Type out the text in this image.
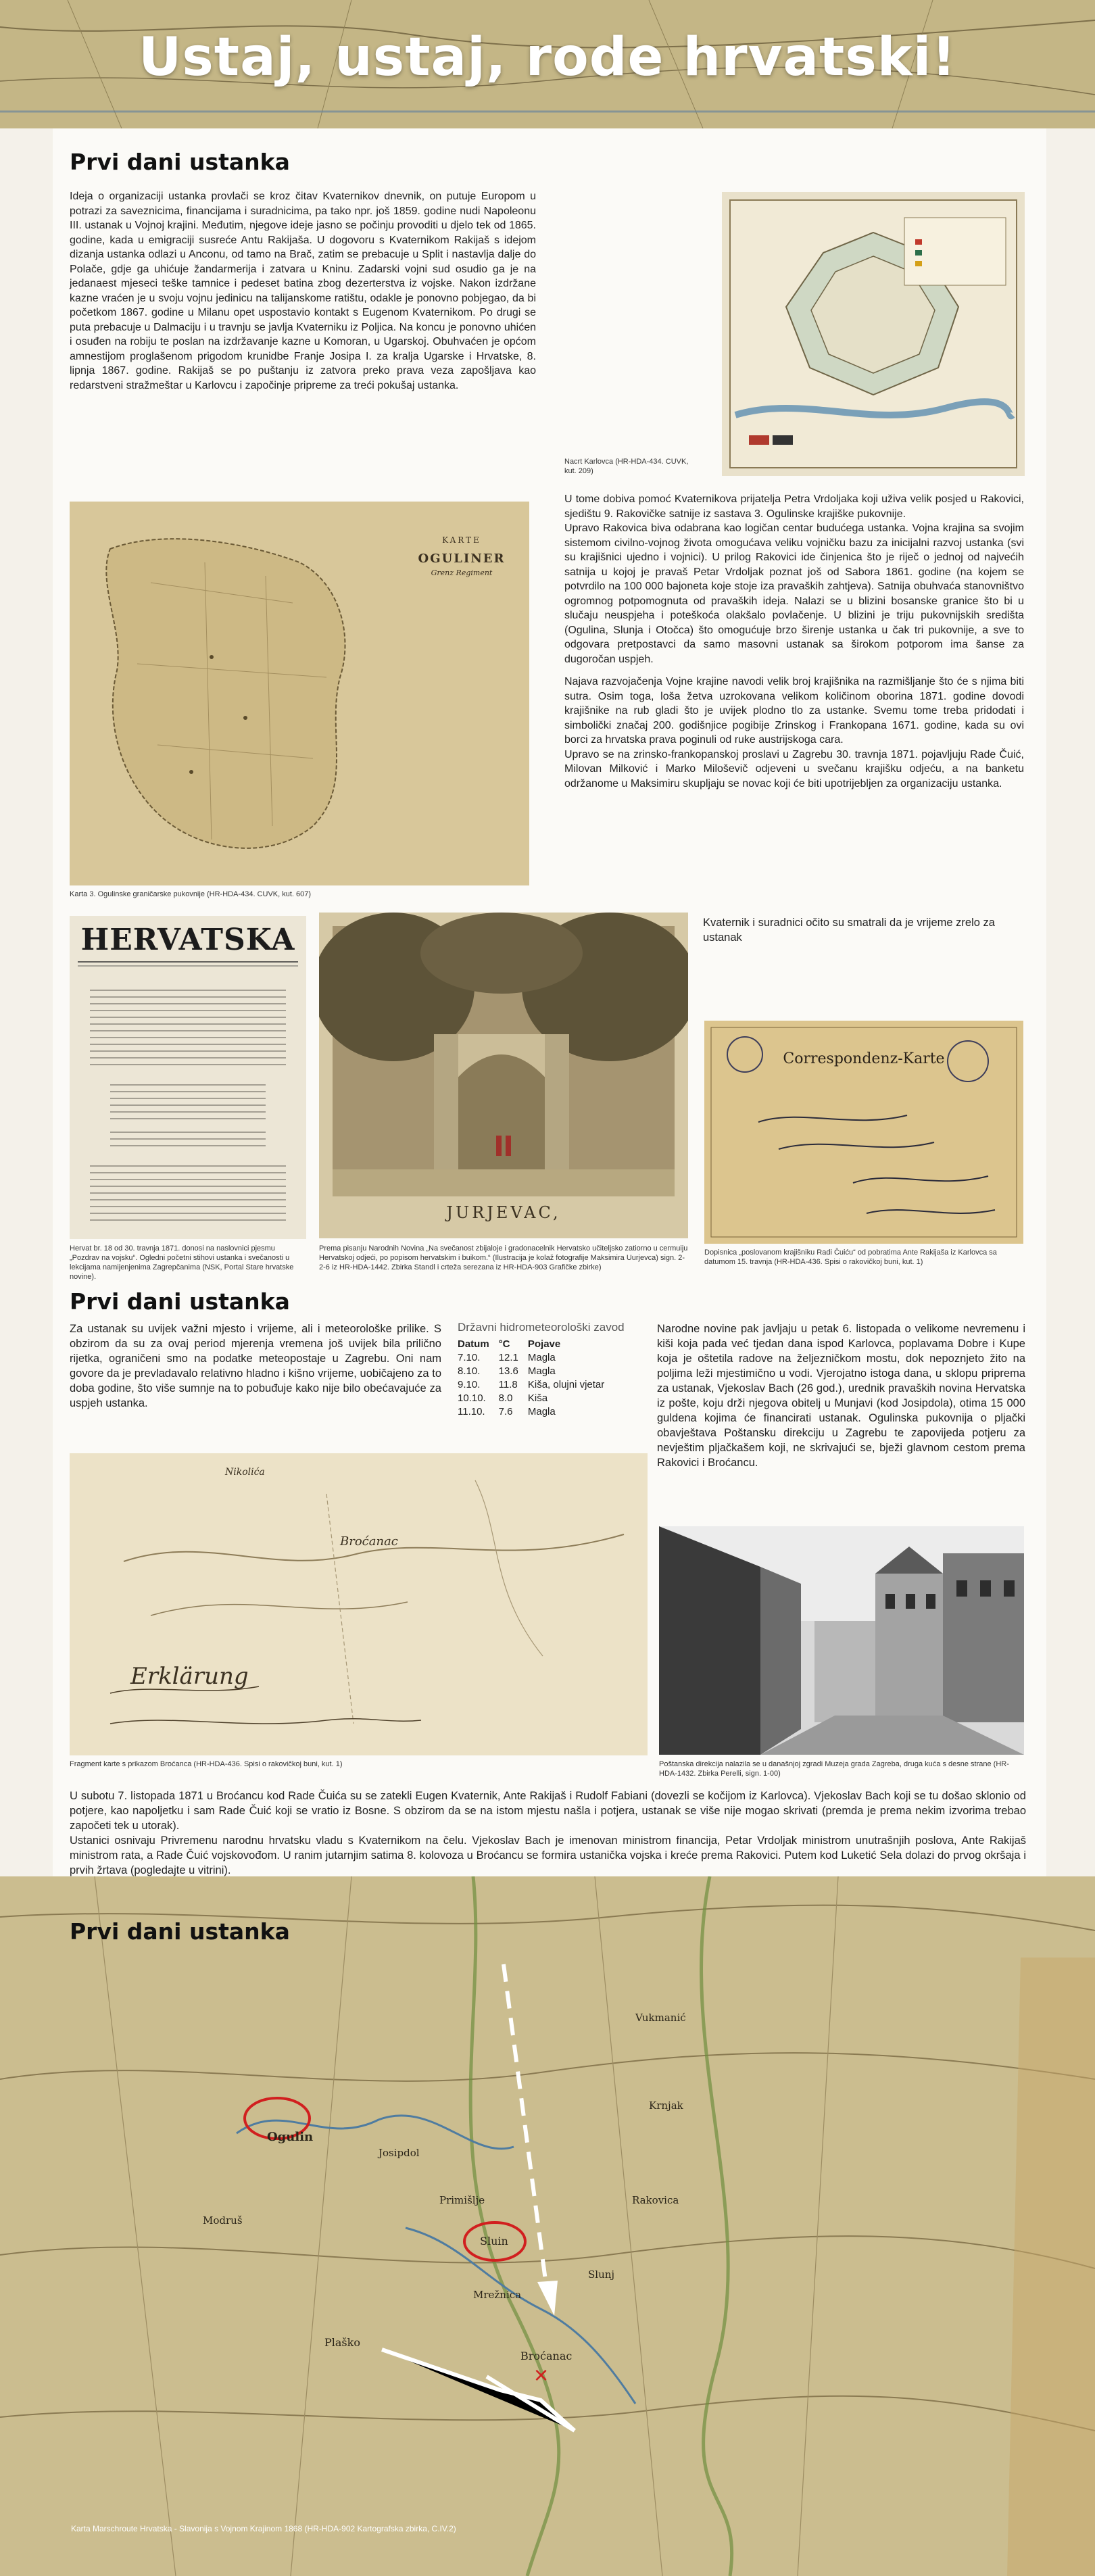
Ustaj, ustaj, rode hrvatski!
Prvi dani ustanka
Ideja o organizaciji ustanka provlači se kroz čitav Kvaternikov dnevnik, on putuje Europom u potrazi za saveznicima, financijama i suradnicima, pa tako npr. još 1859. godine nudi Napoleonu III. ustanak u Vojnoj krajini. Međutim, njegove ideje jasno se počinju provoditi u djelo tek od 1865. godine, kada u emigraciji susreće Antu Rakijaša. U dogovoru s Kvaternikom Rakijaš s idejom dizanja ustanka odlazi u Anconu, od tamo na Brač, zatim se prebacuje u Split i nastavlja dalje do Polače, gdje ga uhićuje žandarmerija i zatvara u Kninu. Zadarski vojni sud osudio ga je na jedanaest mjeseci teške tamnice i pedeset batina zbog dezerterstva iz vojske. Nakon izdržane kazne vraćen je u svoju vojnu jedinicu na talijanskome ratištu, odakle je ponovno pobjegao, da bi početkom 1867. godine u Milanu opet uspostavio kontakt s Eugenom Kvaternikom. Po drugi se puta prebacuje u Dalmaciju i u travnju se javlja Kvaterniku iz Poljica. Na koncu je ponovno uhićen i osuđen na robiju te poslan na izdržavanje kazne u Komoran, u Ugarskoj. Obuhvaćen je općom amnestijom proglašenom prigodom krunidbe Franje Josipa I. za kralja Ugarske i Hrvatske, 8. lipnja 1867. godine. Rakijaš se po puštanju iz zatvora preko prava veza zapošljava kao redarstveni stražmeštar u Karlovcu i započinje pripreme za treći pokušaj ustanka.
Nacrt Karlovca (HR-HDA-434. CUVK, kut. 209)
KARTE
OGULINER
Grenz Regiment
Karta 3. Ogulinske graničarske pukovnije (HR-HDA-434. CUVK, kut. 607)

U tome dobiva pomoć Kvaternikova prijatelja Petra Vrdoljaka koji uživa velik posjed u Rakovici, sjedištu 9. Rakovičke satnije iz sastava 3. Ogulinske krajiške pukovnije.

Upravo Rakovica biva odabrana kao logičan centar budućega ustanka. Vojna krajina sa svojim sistemom civilno-vojnog života omogućava veliku vojničku bazu za inicijalni razvoj ustanka (svi su krajišnici ujedno i vojnici). U prilog Rakovici ide činjenica što je riječ o jednoj od najvećih satnija u kojoj je pravaš Petar Vrdoljak poznat još od Sabora 1861. godine (na kojem se potvrdilo na 100 000 bajoneta koje stoje iza pravaških zahtjeva). Satnija obuhvaća stanovništvo ogromnog potpomognuta od pravaških ideja. Nalazi se u blizini bosanske granice što bi u slučaju neuspjeha i poteškoća olakšalo povlačenje. U blizini je triju pukovnijskih središta (Ogulina, Slunja i Otočca) što omogućuje brzo širenje ustanka u čak tri pukovnije, a sve to odgovara pretpostavci da samo masovni ustanak sa širokom potporom ima šanse za dugoročan uspjeh.

Najava razvojačenja Vojne krajine navodi velik broj krajišnika na razmišljanje što će s njima biti sutra. Osim toga, loša žetva uzrokovana velikom količinom oborina 1871. godine dovodi krajišnike na rub gladi što je uvijek plodno tlo za ustanke. Svemu tome treba pridodati i simbolički značaj 200. godišnjice pogibije Zrinskog i Frankopana 1671. godine, kada su ovi borci za hrvatska prava poginuli od ruke austrijskoga cara.

Upravo se na zrinsko-frankopanskoj proslavi u Zagrebu 30. travnja 1871. pojavljuju Rade Čuić, Milovan Milković i Marko Miloševič odjeveni u svečanu krajišku odjeću, a na banketu održanome u Maksimiru skupljaju se novac koji će biti upotrijebljen za organizaciju ustanka.

HERVATSKA
Hervat br. 18 od 30. travnja 1871. donosi na naslovnici pjesmu „Pozdrav na vojsku“. Ogledni početni stihovi ustanka i svečanosti u lekcijama namijenjenima Zagrepčanima (NSK, Portal Stare hrvatske novine).
JURJEVAC,
Prema pisanju Narodnih Novina „Na svečanost zbijaloje i gradonacelnik Hervatsko učiteljsko zatiorno u cermuiju Hervatskoj odjeći, po popisom hervatskim i buikom.“ (Ilustracija je kolaž fotografije Maksimira Uurjevca) sign. 2-2-6 iz HR-HDA-1442. Zbirka Standl i crteža serezana iz HR-HDA-903 Grafičke zbirke)
Kvaternik i suradnici očito su smatrali da je vrijeme zrelo za ustanak
Correspondenz-Karte
Dopisnica „poslovanom krajišniku Radi Čuiću“ od pobratima Ante Rakijaša iz Karlovca sa datumom 15. travnja (HR-HDA-436. Spisi o rakovičkoj buni, kut. 1)
Prvi dani ustanka
Za ustanak su uvijek važni mjesto i vrijeme, ali i meteorološke prilike. S obzirom da su za ovaj period mjerenja vremena još uvijek bila prilično rijetka, ograničeni smo na podatke meteopostaje u Zagrebu. Oni nam govore da je prevladavalo relativno hladno i kišno vrijeme, uobičajeno za to doba godine, što više sumnje na to pobuđuje kako nije bilo obećavajuće za uspjeh ustanka.
Državni hidrometeorološki zavod
Datum	°C	Pojave
7.10.	12.1	Magla
8.10.	13.6	Magla
9.10.	11.8	Kiša, olujni vjetar
10.10.	8.0	Kiša
11.10.	7.6	Magla
Narodne novine pak javljaju u petak 6. listopada o velikome nevremenu i kiši koja pada već tjedan dana ispod Karlovca, poplavama Dobre i Kupe koja je oštetila radove na željezničkom mostu, dok nepoznjeto žito na poljima leži mjestimično u vodi. Vjerojatno istoga dana, u sklopu priprema za ustanak, Vjekoslav Bach (26 god.), urednik pravaških novina Hervatska iz pošte, koju drži njegova obitelj u Munjavi (kod Josipdola), otima 15 000 guldena kojima će financirati ustanak. Ogulinska pukovnija o pljački obavještava Poštansku direkciju u Zagrebu te zapovijeda potjeru za nevještim pljačkašem koji, ne skrivajući se, bježi glavnom cestom prema Rakovici i Broćancu.
Broćanac
Erklärung
Nikolića
Fragment karte s prikazom Broćanca (HR-HDA-436. Spisi o rakovičkoj buni, kut. 1)	Poštanska direkcija nalazila se u današnjoj zgradi Muzeja grada Zagreba, druga kuća s desne strane (HR-HDA-1432. Zbirka Perelli, sign. 1-00)

U subotu 7. listopada 1871 u Broćancu kod Rade Čuića su se zatekli Eugen Kvaternik, Ante Rakijaš i Rudolf Fabiani (dovezli se kočijom iz Karlovca). Vjekoslav Bach koji se tu došao sklonio od potjere, kao napoljetku i sam Rade Čuić koji se vratio iz Bosne. S obzirom da se na istom mjestu našla i potjera, ustanak se više nije mogao skrivati (premda je prema nekim izvorima trebao započeti tek u utorak).

Ustanici osnivaju Privremenu narodnu hrvatsku vladu s Kvaternikom na čelu. Vjekoslav Bach je imenovan ministrom financija, Petar Vrdoljak ministrom unutrašnjih poslova, Ante Rakijaš ministrom rata, a Rade Čuić vojskovođom. U ranim jutarnjim satima 8. kolovoza u Broćancu se formira ustanička vojska i kreće prema Rakovici. Putem kod Luketić Sela dolazi do prvog okršaja i prvih žrtava (pogledajte u vitrini).

×
Prvi dani ustanka
Ogulin
Sluin
Broćanac
Plaško
Rakovica
Slunj
Primišlje
Mrežnica
Vukmanić
Krnjak
Modruš
Josipdol
Karta Marschroute Hrvatska - Slavonija s Vojnom Krajinom 1868 (HR-HDA-902 Kartografska zbirka, C.IV.2)
